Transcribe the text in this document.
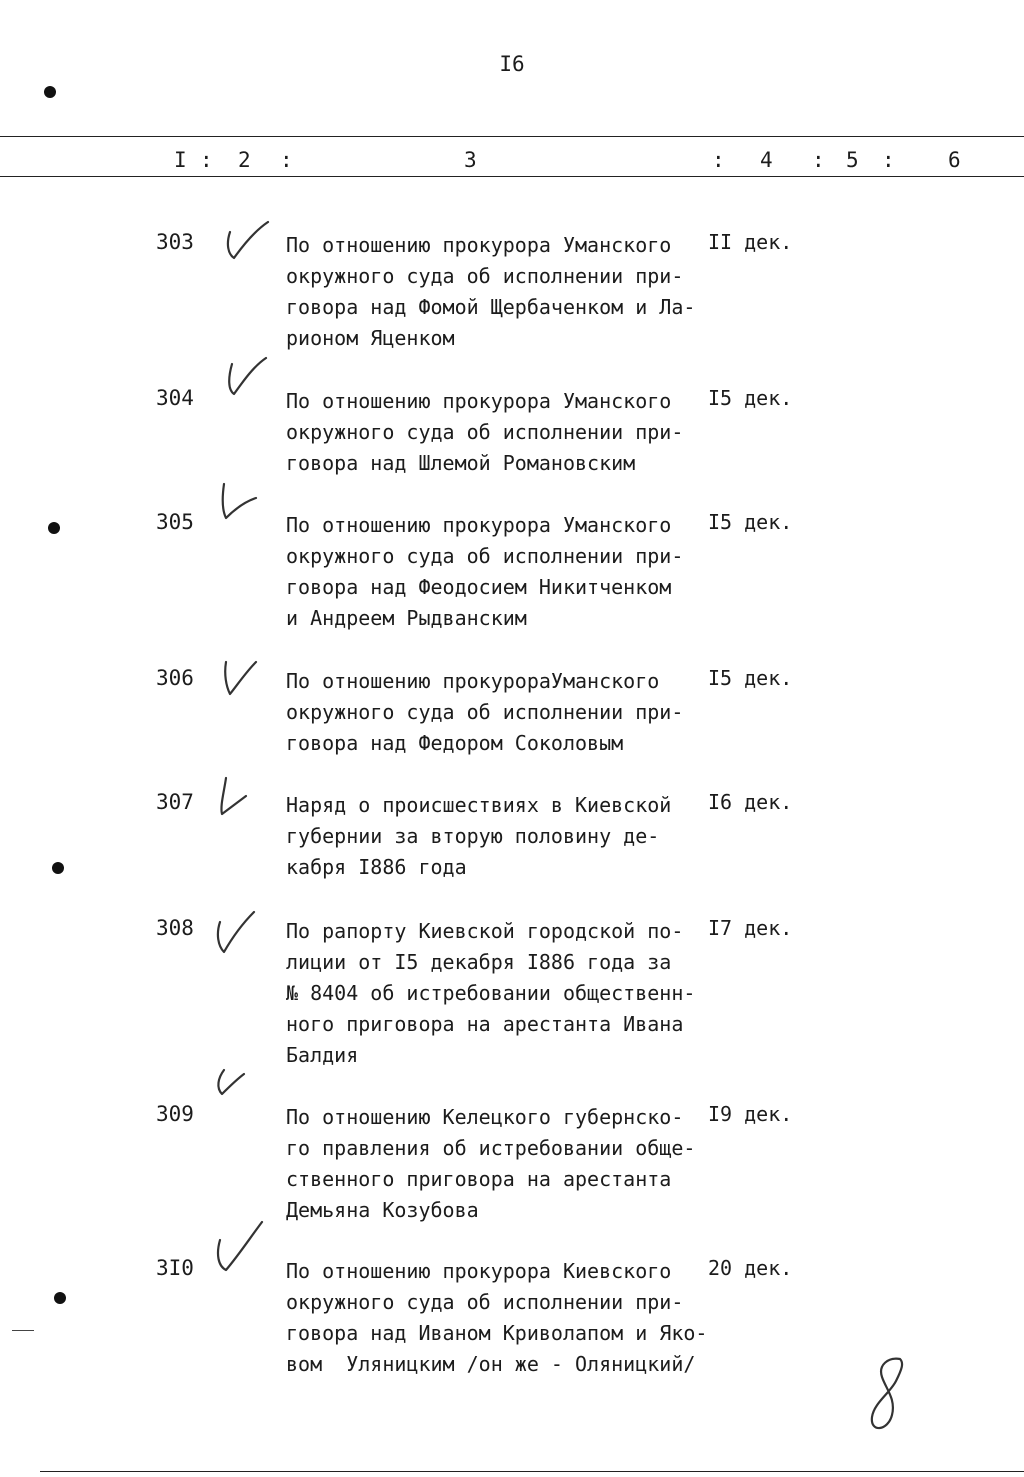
I6
I : 2 :	3	: 4 : 5 :	6
303	По отношению прокурора Уманского
окружного суда об исполнении при-
говора над Фомой Щербаченком и Ла-
рионом Яценком
II дек.
304	По отношению прокурора Уманского
окружного суда об исполнении при-
говора над Шлемой Романовским
I5 дек.
305	По отношению прокурора Уманского
окружного суда об исполнении при-
говора над Феодосием Никитченком
и Андреем Рыдванским
I5 дек.
306	По отношению прокурораУманского
окружного суда об исполнении при-
говора над Федором Соколовым
I5 дек.
307	Наряд о происшествиях в Киевской
губернии за вторую половину де-
кабря I886 года
I6 дек.
308	По рапорту Киевской городской по-
лиции от I5 декабря I886 года за
№ 8404 об истребовании общественн-
ного приговора на арестанта Ивана
Балдия
I7 дек.
309	По отношению Келецкого губернско-
го правления об истребовании обще-
ственного приговора на арестанта
Демьяна Козубова
I9 дек.
3I0	По отношению прокурора Киевского
окружного суда об исполнении при-
говора над Иваном Криволапом и Яко-
вом  Уляницким /он же - Оляницкий/
20 дек.
